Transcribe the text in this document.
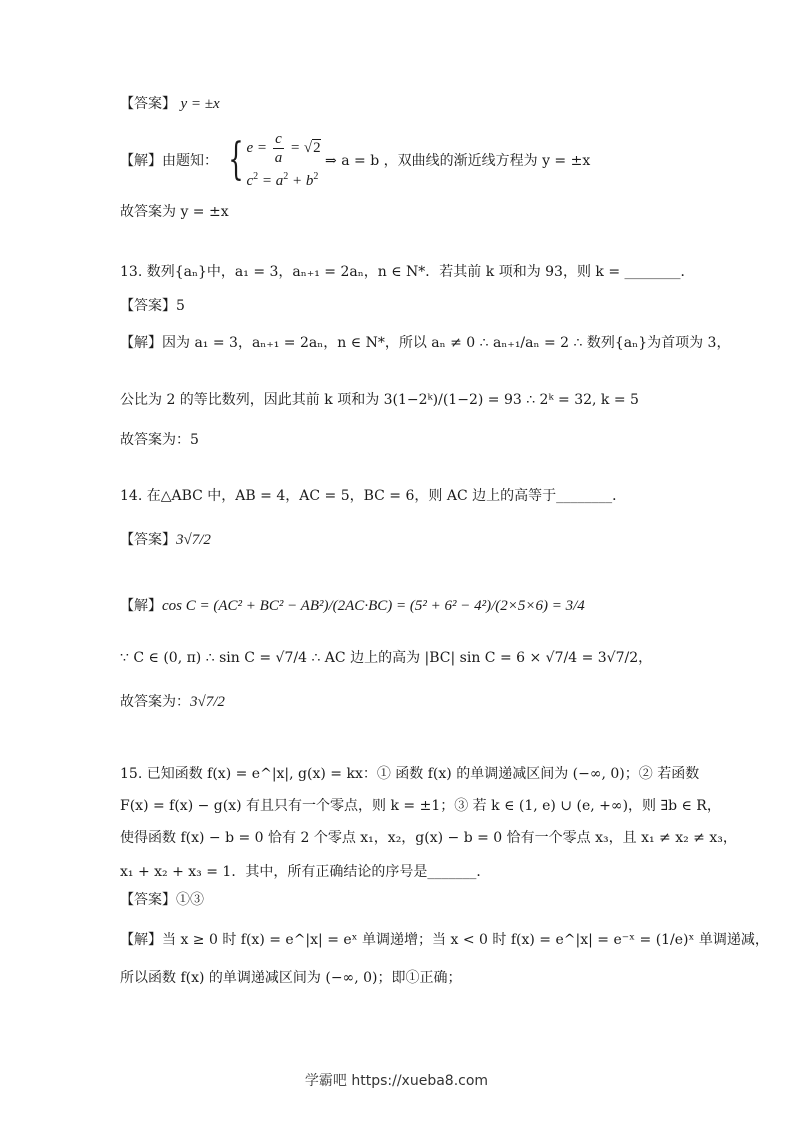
【答案】 y = ±x
【解】由题知： { $e = \frac{c}{a} = √2$
$c^2 = a^2 + b^2$
⇒ a = b ，双曲线的渐近线方程为 y = ±x
故答案为 y = ±x
13. 数列{aₙ}中，a₁ = 3，aₙ₊₁ = 2aₙ，n ∈ N*．若其前 k 项和为 93，则 k = ________．
【答案】5
【解】因为 a₁ = 3，aₙ₊₁ = 2aₙ，n ∈ N*，所以 aₙ ≠ 0 ∴ aₙ₊₁/aₙ = 2 ∴ 数列{aₙ}为首项为 3，
公比为 2 的等比数列，因此其前 k 项和为 3(1−2ᵏ)/(1−2) = 93 ∴ 2ᵏ = 32, k = 5
故答案为：5
14. 在△ABC 中，AB = 4，AC = 5，BC = 6，则 AC 边上的高等于________．
【答案】3√7/2
【解】cos C = (AC² + BC² − AB²)/(2AC·BC) = (5² + 6² − 4²)/(2×5×6) = 3/4
∵ C ∈ (0, π) ∴ sin C = √7/4 ∴ AC 边上的高为 |BC| sin C = 6 × √7/4 = 3√7/2，
故答案为：3√7/2
15. 已知函数 f(x) = e^|x|, g(x) = kx：① 函数 f(x) 的单调递减区间为 (−∞, 0)；② 若函数
F(x) = f(x) − g(x) 有且只有一个零点，则 k = ±1；③ 若 k ∈ (1, e) ∪ (e, +∞)，则 ∃b ∈ R，
使得函数 f(x) − b = 0 恰有 2 个零点 x₁，x₂，g(x) − b = 0 恰有一个零点 x₃，且 x₁ ≠ x₂ ≠ x₃，
x₁ + x₂ + x₃ = 1．其中，所有正确结论的序号是_______．
【答案】①③
【解】当 x ≥ 0 时 f(x) = e^|x| = eˣ 单调递增；当 x < 0 时 f(x) = e^|x| = e⁻ˣ = (1/e)ˣ 单调递减，
所以函数 f(x) 的单调递减区间为 (−∞, 0)；即①正确；
学霸吧 https://xueba8.com
